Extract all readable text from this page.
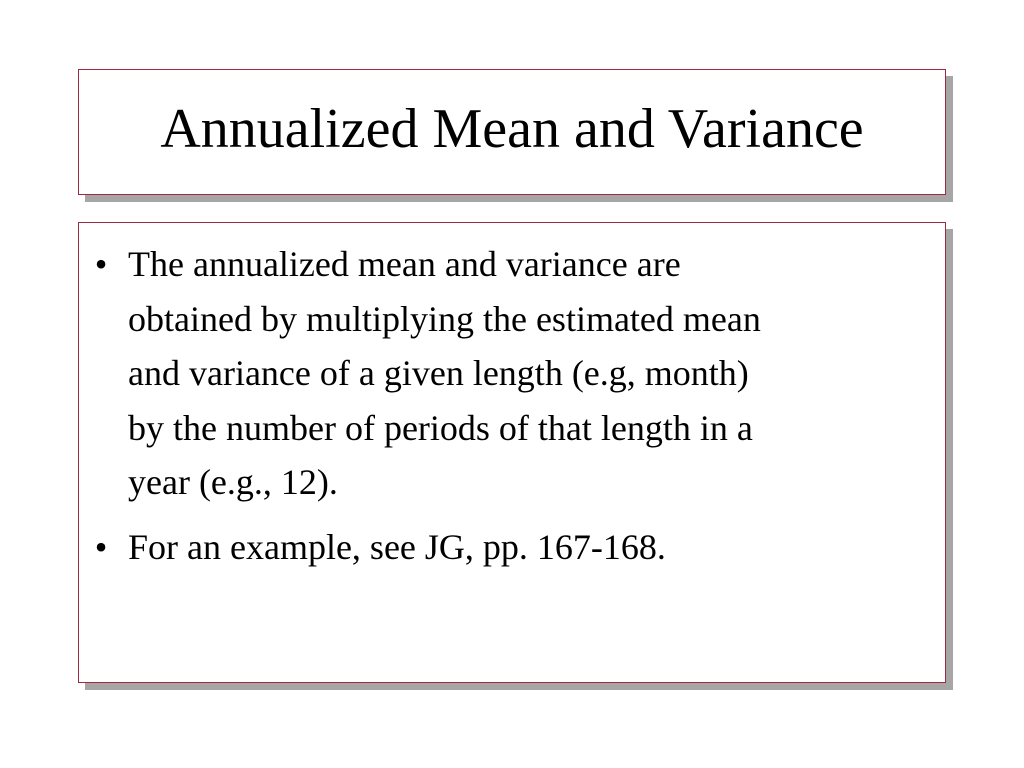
Annualized Mean and Variance
• The annualized mean and variance are
obtained by multiplying the estimated mean
and variance of a given length (e.g, month)
by the number of periods of that length in a
year (e.g., 12).
• For an example, see JG, pp. 167-168.
